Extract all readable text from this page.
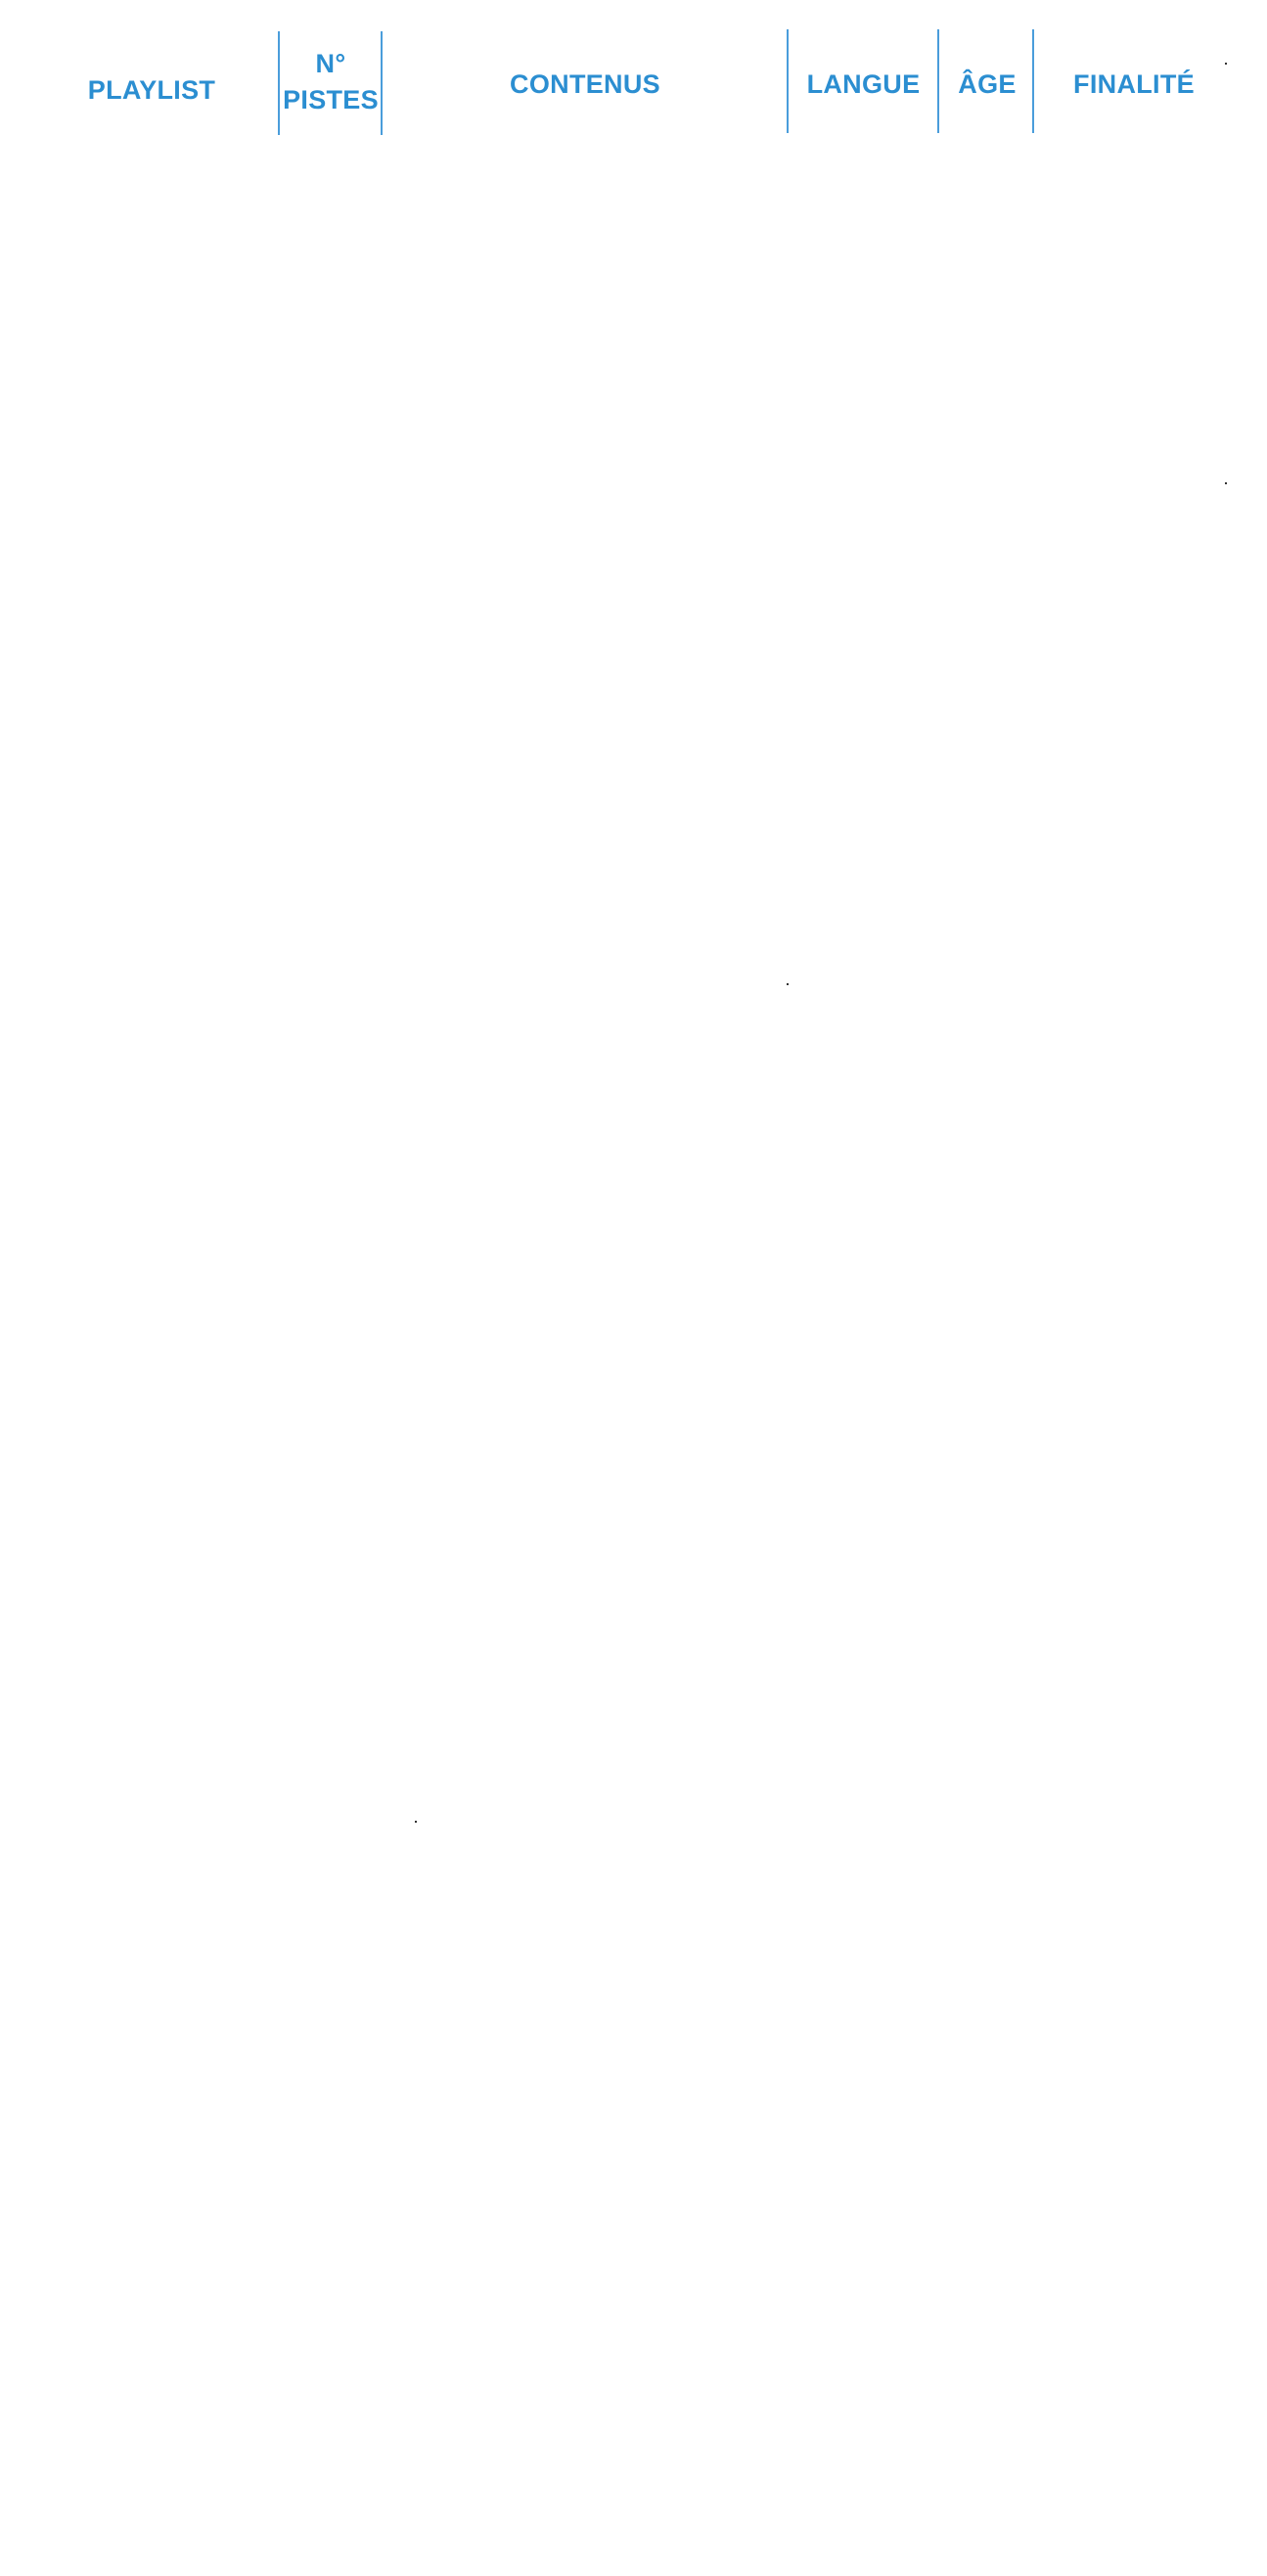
PLAYLIST
N°
PISTES
CONTENUS	LANGUE ÂGE FINALITÉ
